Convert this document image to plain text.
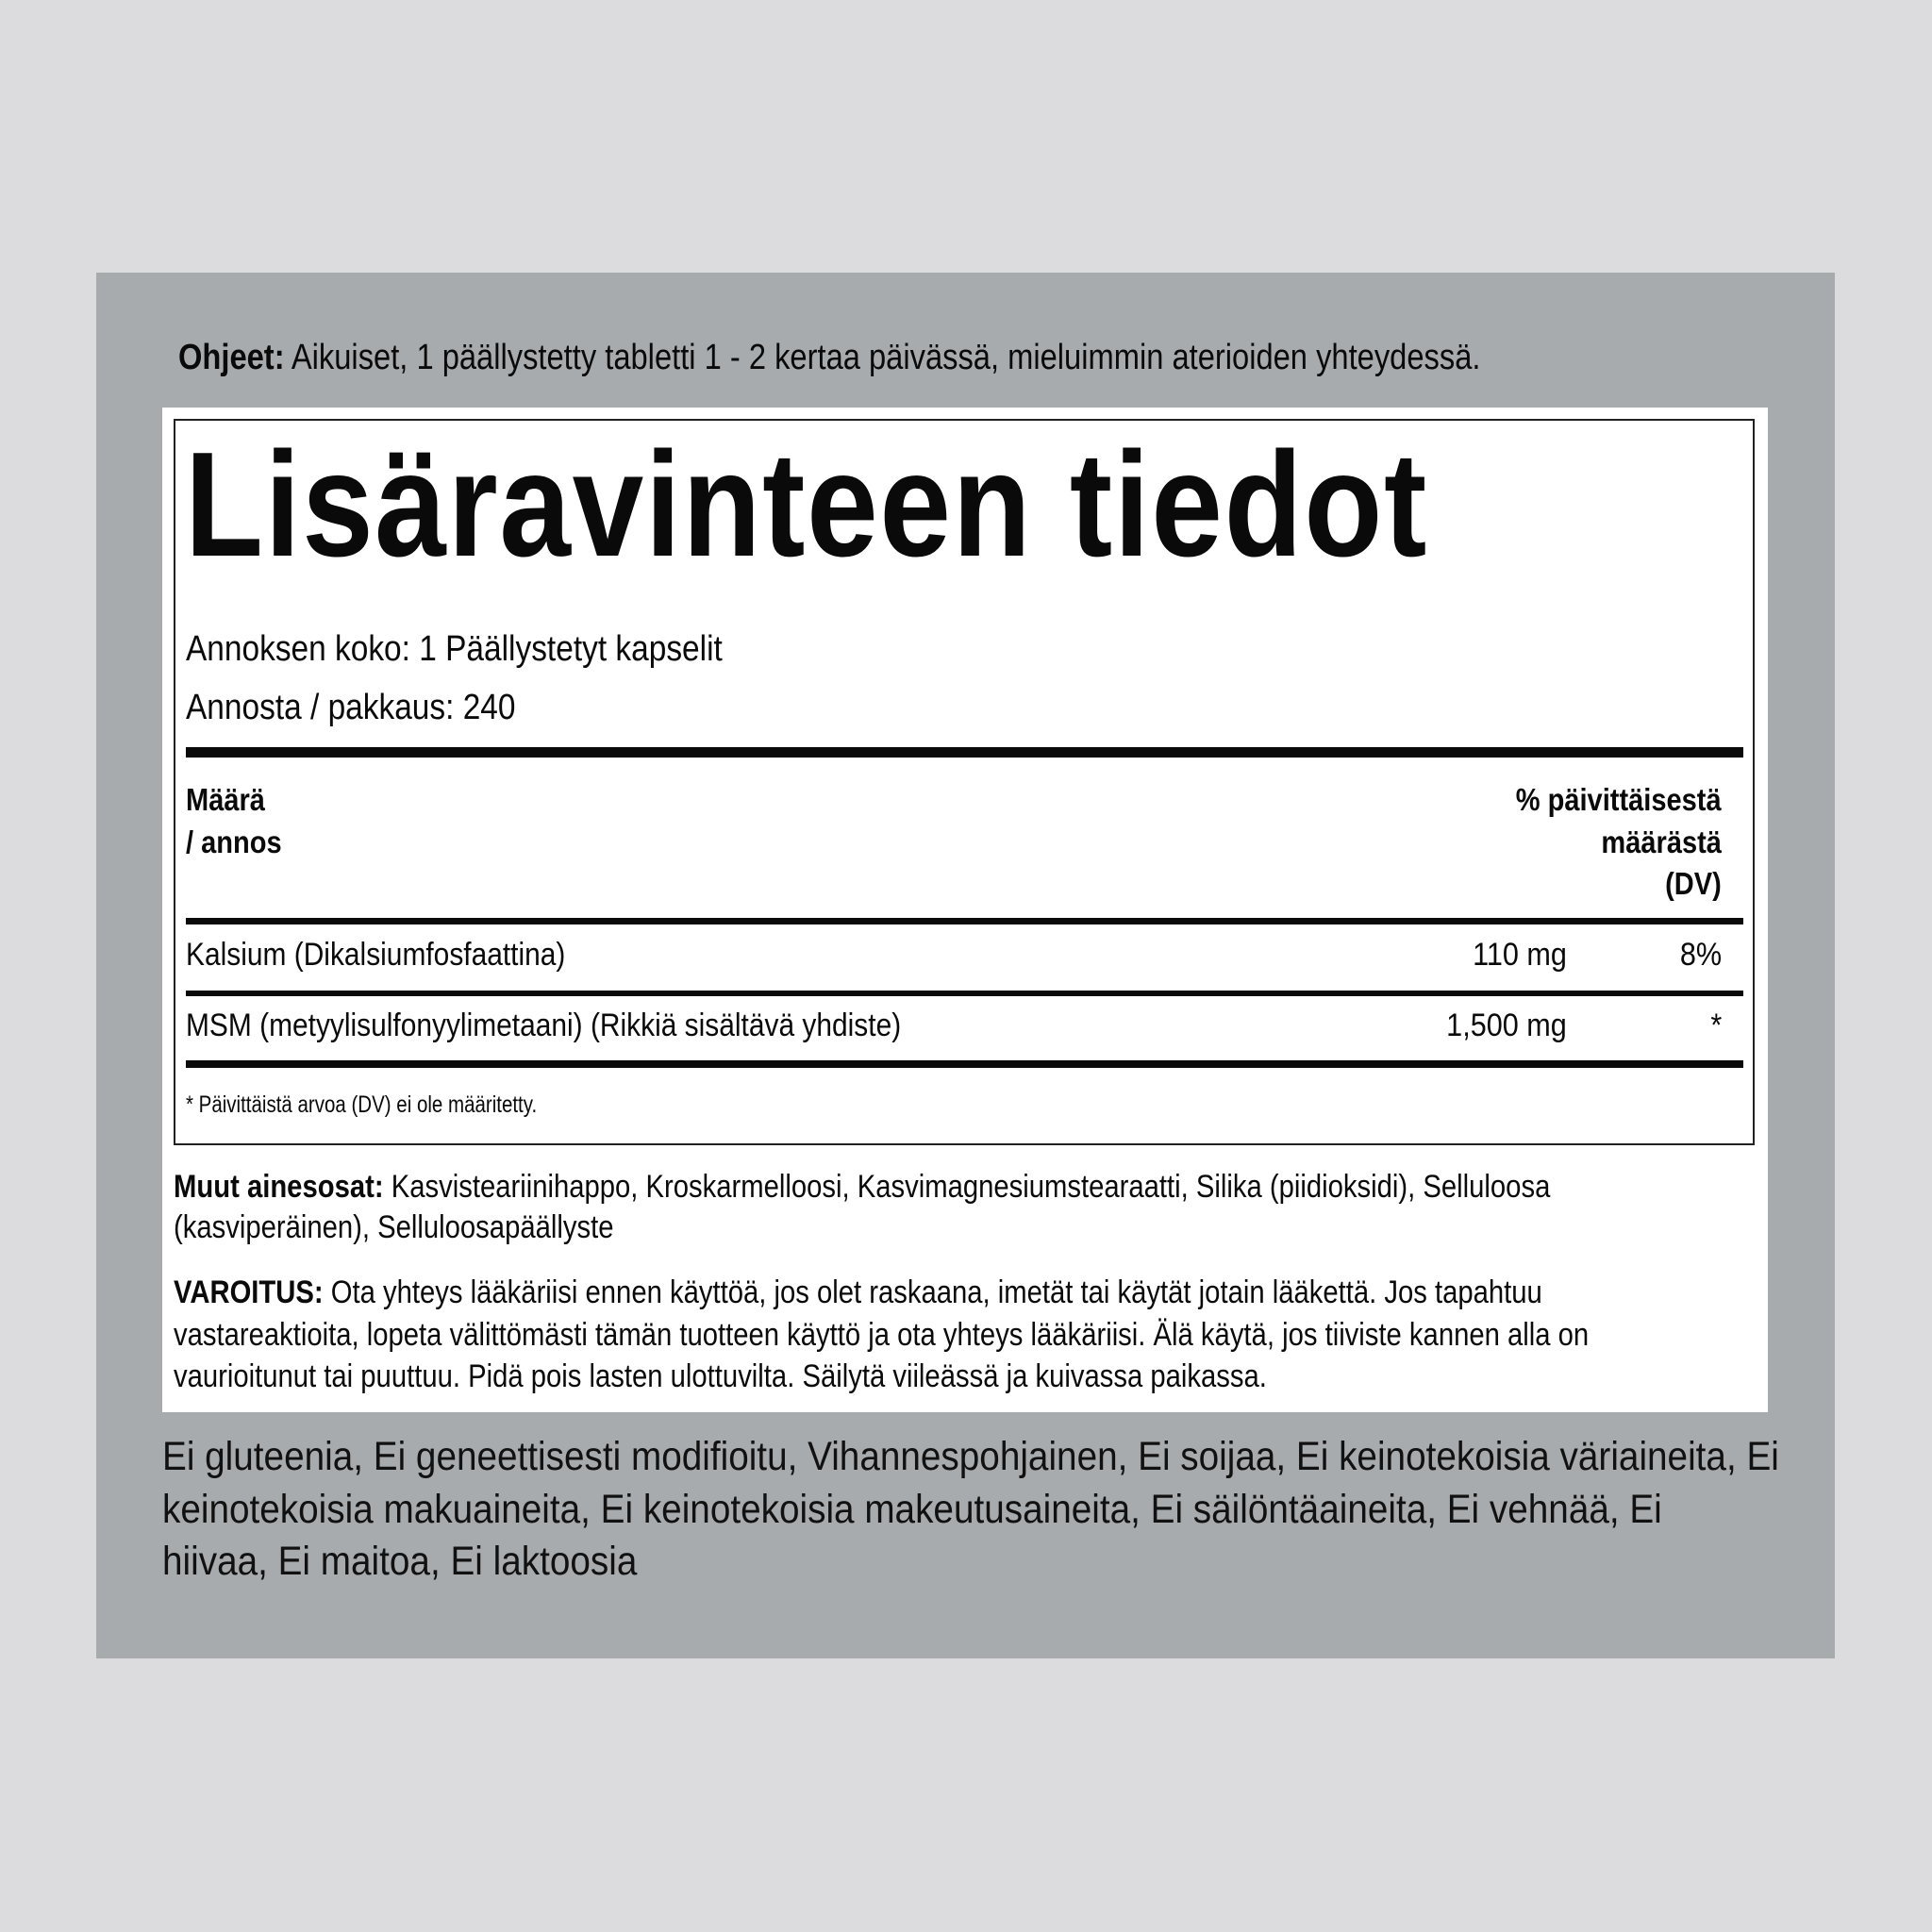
Ohjeet: Aikuiset, 1 päällystetty tabletti 1 - 2 kertaa päivässä, mieluimmin aterioiden yhteydessä.
Lisäravinteen tiedot
Annoksen koko: 1 Päällystetyt kapselit
Annosta / pakkaus: 240
Määrä
/ annos
% päivittäisestä
määrästä
(DV)
Kalsium (Dikalsiumfosfaattina)	110 mg	8%
MSM (metyylisulfonyylimetaani) (Rikkiä sisältävä yhdiste)	1,500 mg	*
* Päivittäistä arvoa (DV) ei ole määritetty.
Muut ainesosat: Kasvisteariinihappo, Kroskarmelloosi, Kasvimagnesiumstearaatti, Silika (piidioksidi), Selluloosa
(kasviperäinen), Selluloosapäällyste
VAROITUS: Ota yhteys lääkäriisi ennen käyttöä, jos olet raskaana, imetät tai käytät jotain lääkettä. Jos tapahtuu
vastareaktioita, lopeta välittömästi tämän tuotteen käyttö ja ota yhteys lääkäriisi. Älä käytä, jos tiiviste kannen alla on
vaurioitunut tai puuttuu. Pidä pois lasten ulottuvilta. Säilytä viileässä ja kuivassa paikassa.
Ei gluteenia, Ei geneettisesti modifioitu, Vihannespohjainen, Ei soijaa, Ei keinotekoisia väriaineita, Ei
keinotekoisia makuaineita, Ei keinotekoisia makeutusaineita, Ei säilöntäaineita, Ei vehnää, Ei
hiivaa, Ei maitoa, Ei laktoosia
